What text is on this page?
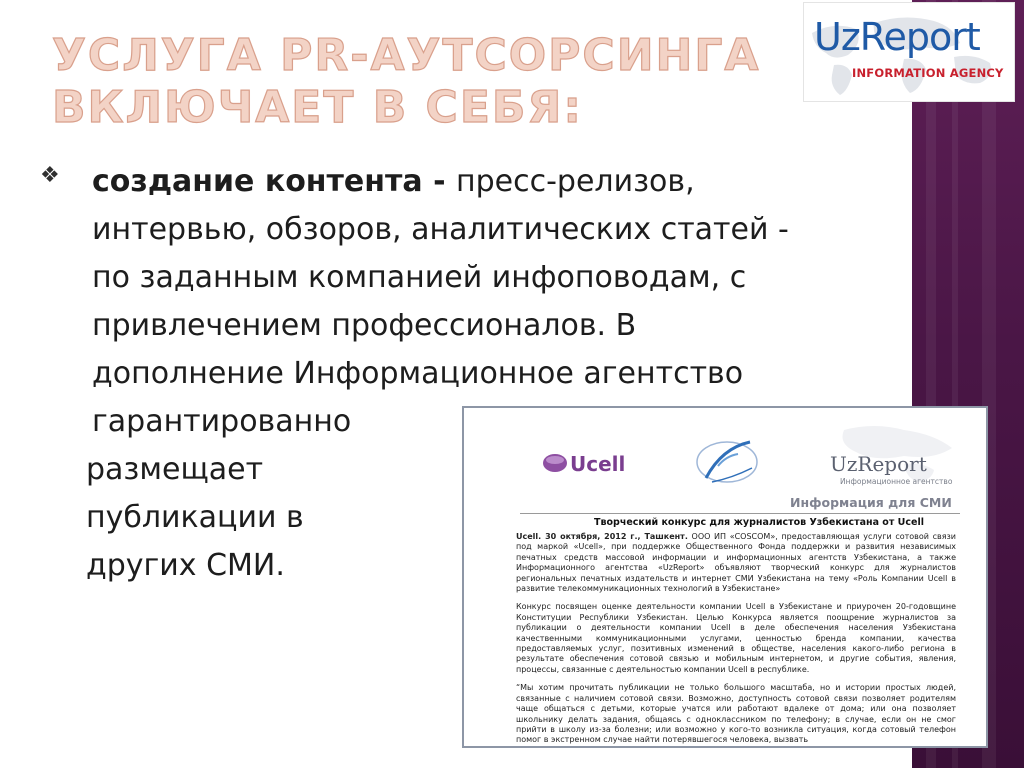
УСЛУГА PR-АУТСОРСИНГА
ВКЛЮЧАЕТ В СЕБЯ:
UzReport
INFORMATION AGENCY
❖ создание контента - пресс-релизов,
интервью, обзоров, аналитических статей -
по заданным компанией инфоповодам, с
привлечением профессионалов. В
дополнение Информационное агентство
гарантированно
размещает
публикации в
других СМИ.
Ucell	UzReport
Информационное агентство
Информация для СМИ
Творческий конкурс для журналистов Узбекистана от Ucell

Ucell. 30 октября, 2012 г., Ташкент. ООО ИП «COSCOM», предоставляющая услуги сотовой связи под маркой «Ucell», при поддержке Общественного Фонда поддержки и развития независимых печатных средств массовой информации и информационных агентств Узбекистана, а также Информационного агентства «UzReport» объявляют творческий конкурс для журналистов региональных печатных издательств и интернет СМИ Узбекистана на тему «Роль Компании Ucell в развитие телекоммуникационных технологий в Узбекистане»

Конкурс посвящен оценке деятельности компании Ucell в Узбекистане и приурочен 20-годовщине Конституции Республики Узбекистан. Целью Конкурса является поощрение журналистов за публикации о деятельности компании Ucell в деле обеспечения населения Узбекистана качественными коммуникационными услугами, ценностью бренда компании, качества предоставляемых услуг, позитивных изменений в обществе, населения какого-либо региона в результате обеспечения сотовой связью и мобильным интернетом, и другие события, явления, процессы, связанные с деятельностью компании Ucell в республике.

“Мы хотим прочитать публикации не только большого масштаба, но и истории простых людей, связанные с наличием сотовой связи. Возможно, доступность сотовой связи позволяет родителям чаще общаться с детьми, которые учатся или работают вдалеке от дома; или она позволяет школьнику делать задания, общаясь с одноклассником по телефону; в случае, если он не смог прийти в школу из-за болезни; или возможно у кого-то возникла ситуация, когда сотовый телефон помог в экстренном случае найти потерявшегося человека, вызвать
